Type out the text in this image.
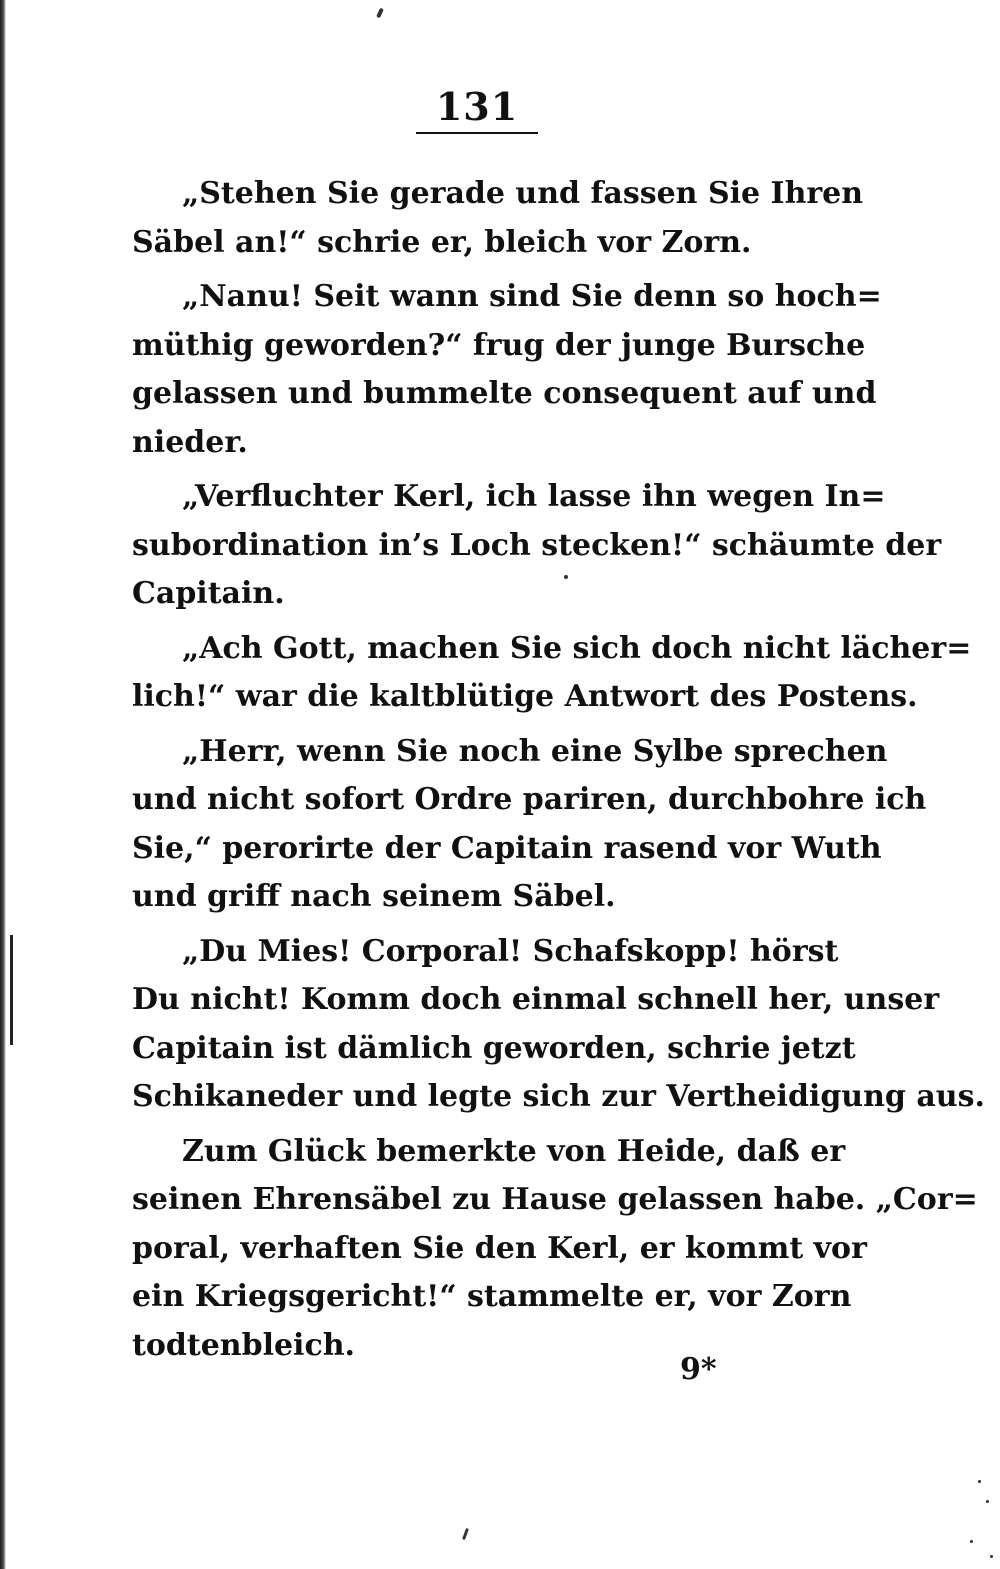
131
„Stehen Sie gerade und fassen Sie Ihren
Säbel an!“ schrie er, bleich vor Zorn.
„Nanu! Seit wann sind Sie denn so hoch=
müthig geworden?“ frug der junge Bursche
gelassen und bummelte consequent auf und
nieder.
„Verfluchter Kerl, ich lasse ihn wegen In=
subordination in’s Loch stecken!“ schäumte der
Capitain.
„Ach Gott, machen Sie sich doch nicht lächer=
lich!“ war die kaltblütige Antwort des Postens.
„Herr, wenn Sie noch eine Sylbe sprechen
und nicht sofort Ordre pariren, durchbohre ich
Sie,“ perorirte der Capitain rasend vor Wuth
und griff nach seinem Säbel.
„Du Mies! Corporal! Schafskopp! hörst
Du nicht! Komm doch einmal schnell her, unser
Capitain ist dämlich geworden, schrie jetzt
Schikaneder und legte sich zur Vertheidigung aus.
Zum Glück bemerkte von Heide, daß er
seinen Ehrensäbel zu Hause gelassen habe. „Cor=
poral, verhaften Sie den Kerl, er kommt vor
ein Kriegsgericht!“ stammelte er, vor Zorn
todtenbleich.
9*
